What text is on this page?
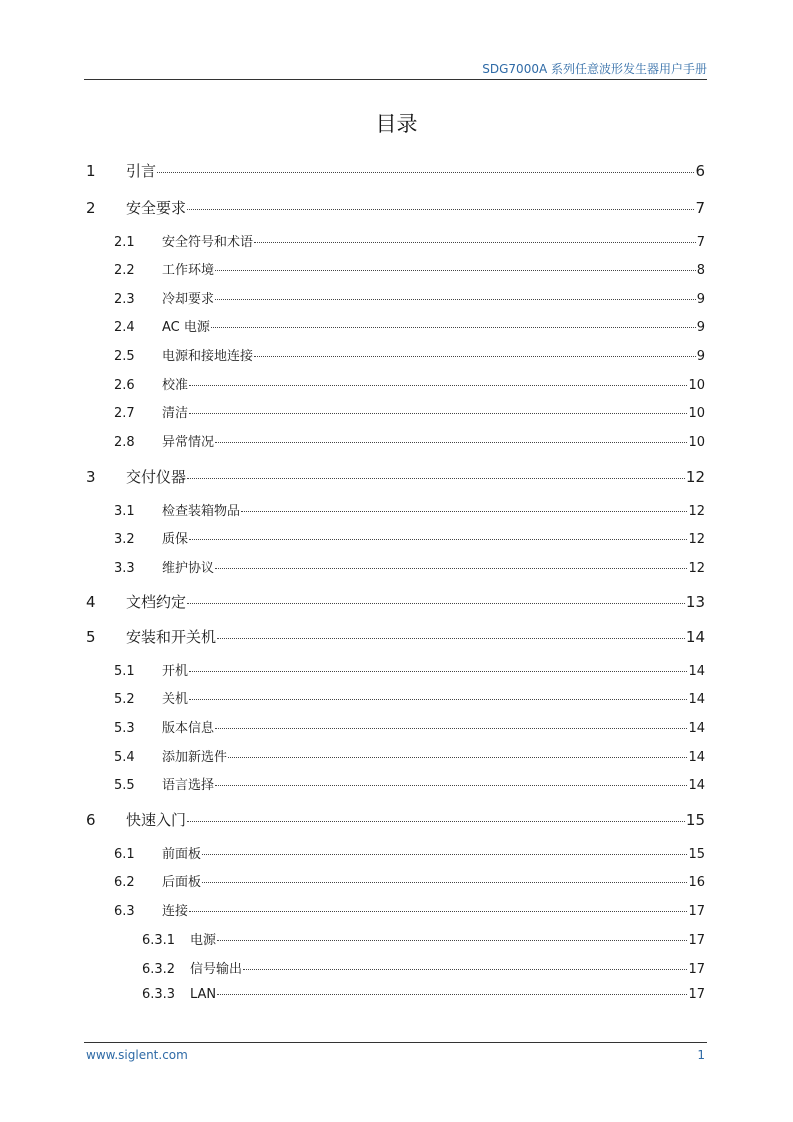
SDG7000A 系列任意波形发生器用户手册
目录
1	引言	6
2	安全要求	7
2.1	安全符号和术语	7
2.2	工作环境	8
2.3	冷却要求	9
2.4	AC 电源	9
2.5	电源和接地连接	9
2.6	校准	10
2.7	清洁	10
2.8	异常情况	10
3	交付仪器	12
3.1	检查装箱物品	12
3.2	质保	12
3.3	维护协议	12
4	文档约定	13
5	安装和开关机	14
5.1	开机	14
5.2	关机	14
5.3	版本信息	14
5.4	添加新选件	14
5.5	语言选择	14
6	快速入门	15
6.1	前面板	15
6.2	后面板	16
6.3	连接	17
6.3.1	电源	17
6.3.2	信号输出	17
6.3.3	LAN	17
www.siglent.com	1
